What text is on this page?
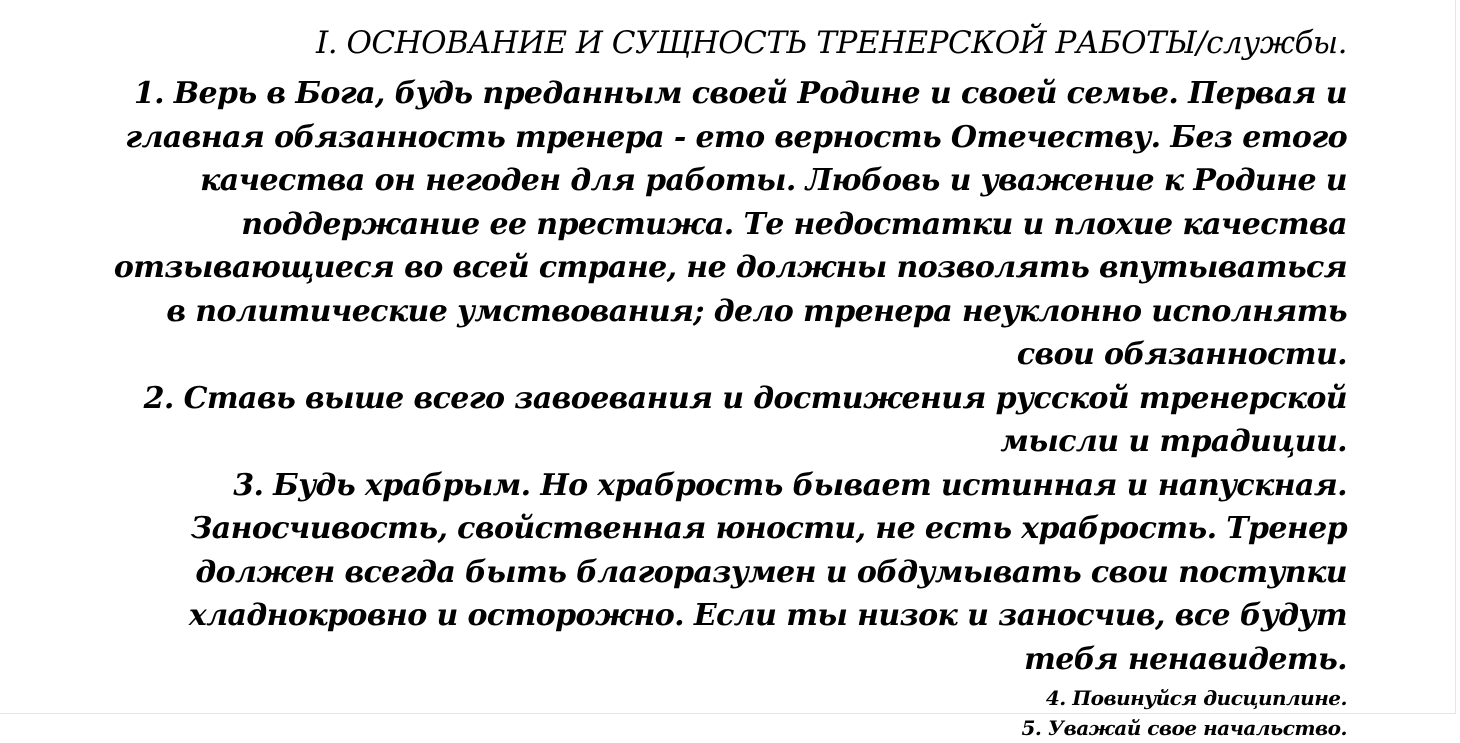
I. ОСНОВАНИЕ И СУЩНОСТЬ ТРЕНЕРСКОЙ РАБОТЫ/службы.

1. Верь в Бога, будь преданным своей Родине и своей семье. Первая и главная обязанность тренера - ето верность Отечеству. Без етого качества он негоден для работы. Любовь и уважение к Родине и поддержание ее престижа. Те недостатки и плохие качества отзывающиеся во всей стране, не должны позволять впутываться в политические умствования; дело тренера неуклонно исполнять свои обязанности.

2. Ставь выше всего завоевания и достижения русской тренерской мысли и традиции.

3. Будь храбрым. Но храбрость бывает истинная и напускная. Заносчивость, свойственная юности, не есть храбрость. Тренер должен всегда быть благоразумен и обдумывать свои поступки хладнокровно и осторожно. Если ты низок и заносчив, все будут тебя ненавидеть.

4. Повинуйся дисциплине.

5. Уважай свое начальство.
